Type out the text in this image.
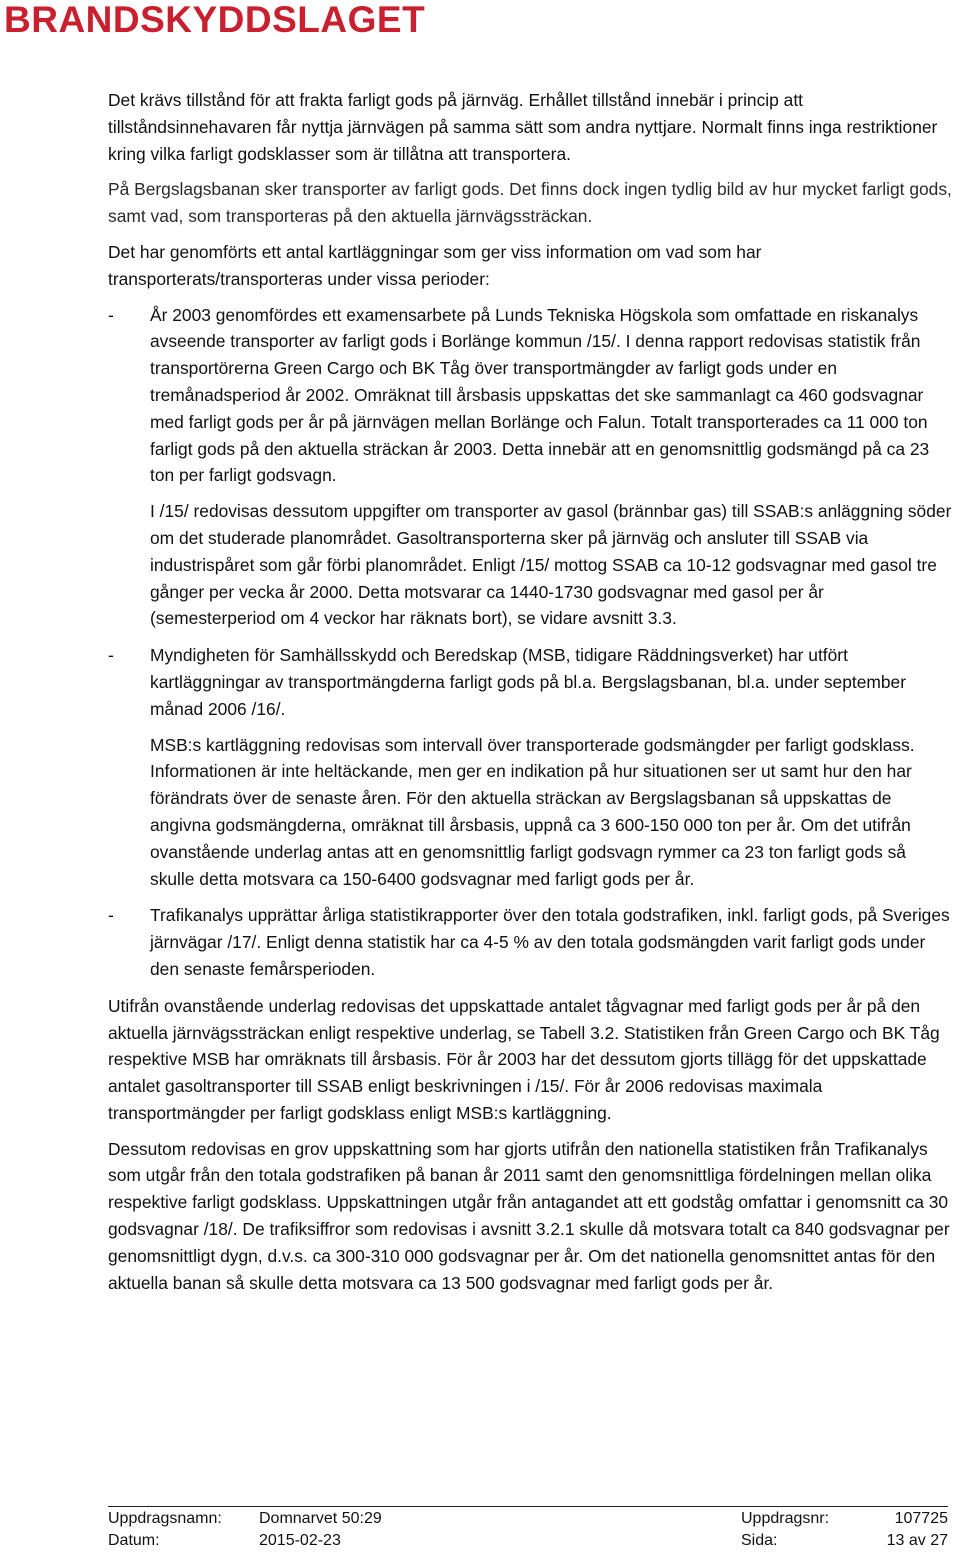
BRANDSKYDDSLAGET

Det krävs tillstånd för att frakta farligt gods på järnväg. Erhållet tillstånd innebär i princip att tillståndsinnehavaren får nyttja järnvägen på samma sätt som andra nyttjare. Normalt finns inga restriktioner kring vilka farligt godsklasser som är tillåtna att transportera.

På Bergslagsbanan sker transporter av farligt gods. Det finns dock ingen tydlig bild av hur mycket farligt gods, samt vad, som transporteras på den aktuella järnvägssträckan.

Det har genomförts ett antal kartläggningar som ger viss information om vad som har transporterats/transporteras under vissa perioder:

- År 2003 genomfördes ett examensarbete på Lunds Tekniska Högskola som omfattade en riskanalys avseende transporter av farligt gods i Borlänge kommun /15/. I denna rapport redovisas statistik från transportörerna Green Cargo och BK Tåg över transportmängder av farligt gods under en tremånadsperiod år 2002. Omräknat till årsbasis uppskattas det ske sammanlagt ca 460 godsvagnar med farligt gods per år på järnvägen mellan Borlänge och Falun. Totalt transporterades ca 11 000 ton farligt gods på den aktuella sträckan år 2003. Detta innebär att en genomsnittlig godsmängd på ca 23 ton per farligt godsvagn.

I /15/ redovisas dessutom uppgifter om transporter av gasol (brännbar gas) till SSAB:s anläggning söder om det studerade planområdet. Gasoltransporterna sker på järnväg och ansluter till SSAB via industrispåret som går förbi planområdet. Enligt /15/ mottog SSAB ca 10-12 godsvagnar med gasol tre gånger per vecka år 2000. Detta motsvarar ca 1440-1730 godsvagnar med gasol per år (semesterperiod om 4 veckor har räknats bort), se vidare avsnitt 3.3.

- Myndigheten för Samhällsskydd och Beredskap (MSB, tidigare Räddningsverket) har utfört kartläggningar av transportmängderna farligt gods på bl.a. Bergslagsbanan, bl.a. under september månad 2006 /16/.

MSB:s kartläggning redovisas som intervall över transporterade godsmängder per farligt godsklass. Informationen är inte heltäckande, men ger en indikation på hur situationen ser ut samt hur den har förändrats över de senaste åren. För den aktuella sträckan av Bergslagsbanan så uppskattas de angivna godsmängderna, omräknat till årsbasis, uppnå ca 3 600-150 000 ton per år. Om det utifrån ovanstående underlag antas att en genomsnittlig farligt godsvagn rymmer ca 23 ton farligt gods så skulle detta motsvara ca 150-6400 godsvagnar med farligt gods per år.

- Trafikanalys upprättar årliga statistikrapporter över den totala godstrafiken, inkl. farligt gods, på Sveriges järnvägar /17/. Enligt denna statistik har ca 4-5 % av den totala godsmängden varit farligt gods under den senaste femårsperioden.

Utifrån ovanstående underlag redovisas det uppskattade antalet tågvagnar med farligt gods per år på den aktuella järnvägssträckan enligt respektive underlag, se Tabell 3.2. Statistiken från Green Cargo och BK Tåg respektive MSB har omräknats till årsbasis. För år 2003 har det dessutom gjorts tillägg för det uppskattade antalet gasoltransporter till SSAB enligt beskrivningen i /15/. För år 2006 redovisas maximala transportmängder per farligt godsklass enligt MSB:s kartläggning.

Dessutom redovisas en grov uppskattning som har gjorts utifrån den nationella statistiken från Trafikanalys som utgår från den totala godstrafiken på banan år 2011 samt den genomsnittliga fördelningen mellan olika respektive farligt godsklass. Uppskattningen utgår från antagandet att ett godståg omfattar i genomsnitt ca 30 godsvagnar /18/. De trafiksiffror som redovisas i avsnitt 3.2.1 skulle då motsvara totalt ca 840 godsvagnar per genomsnittligt dygn, d.v.s. ca 300-310 000 godsvagnar per år. Om det nationella genomsnittet antas för den aktuella banan så skulle detta motsvara ca 13 500 godsvagnar med farligt gods per år.

Uppdragsnamn: Domnarvet 50:29	Uppdragsnr:	107725
Datum:	2015-02-23	Sida:	13 av 27
